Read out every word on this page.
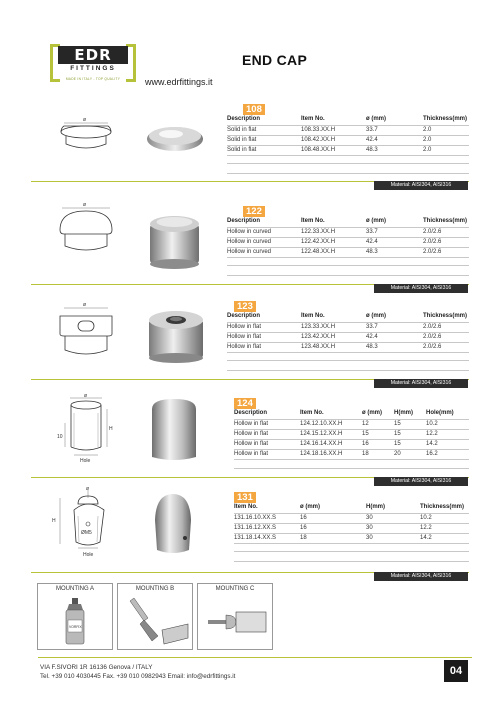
EDR
FITTINGS
MADE IN ITALY - TOP QUALITY	www.edrfittings.it
END CAP
ø
108
Description	Item No.	ø (mm)	Thickness(mm)
Solid in flat	108.33.XX.H	33.7	2.0
Solid in flat	108.42.XX.H	42.4	2.0
Solid in flat	108.48.XX.H	48.3	2.0
Material: AISI304, AISI316
ø
122
Description	Item No.	ø (mm)	Thickness(mm)
Hollow in curved	122.33.XX.H	33.7	2.0/2.6
Hollow in curved	122.42.XX.H	42.4	2.0/2.6
Hollow in curved	122.48.XX.H	48.3	2.0/2.6
Material: AISI304, AISI316
ø	123
Description	Item No.	ø (mm)	Thickness(mm)
Hollow in flat	123.33.XX.H	33.7	2.0/2.6
Hollow in flat	123.42.XX.H	42.4	2.0/2.6
Hollow in flat	123.48.XX.H	48.3	2.0/2.6
Material: AISI304, AISI316
ø
H
10
Hole
124
Description	Item No.	ø (mm)	H(mm)	Hole(mm)
Hollow in flat	124.12.10.XX.H	12	15	10.2
Hollow in flat	124.15.12.XX.H	15	15	12.2
Hollow in flat	124.16.14.XX.H	16	15	14.2
Hollow in flat	124.18.16.XX.H	18	20	16.2
Material: AISI304, AISI316
ø
H
ØM5
Hole
131
Item No.	ø (mm)	H(mm)	Thickness(mm)
131.16.10.XX.S	16	30	10.2
131.16.12.XX.S	16	30	12.2
131.18.14.XX.S	18	30	14.2
Material: AISI304, AISI316
MOUNTING A
VORFIX
MOUNTING B	MOUNTING C
VIA F.SIVORI 1R 16136 Genova / ITALY
Tel. +39 010 4030445 Fax. +39 010 0982943 Email: info@edrfittings.it	04
